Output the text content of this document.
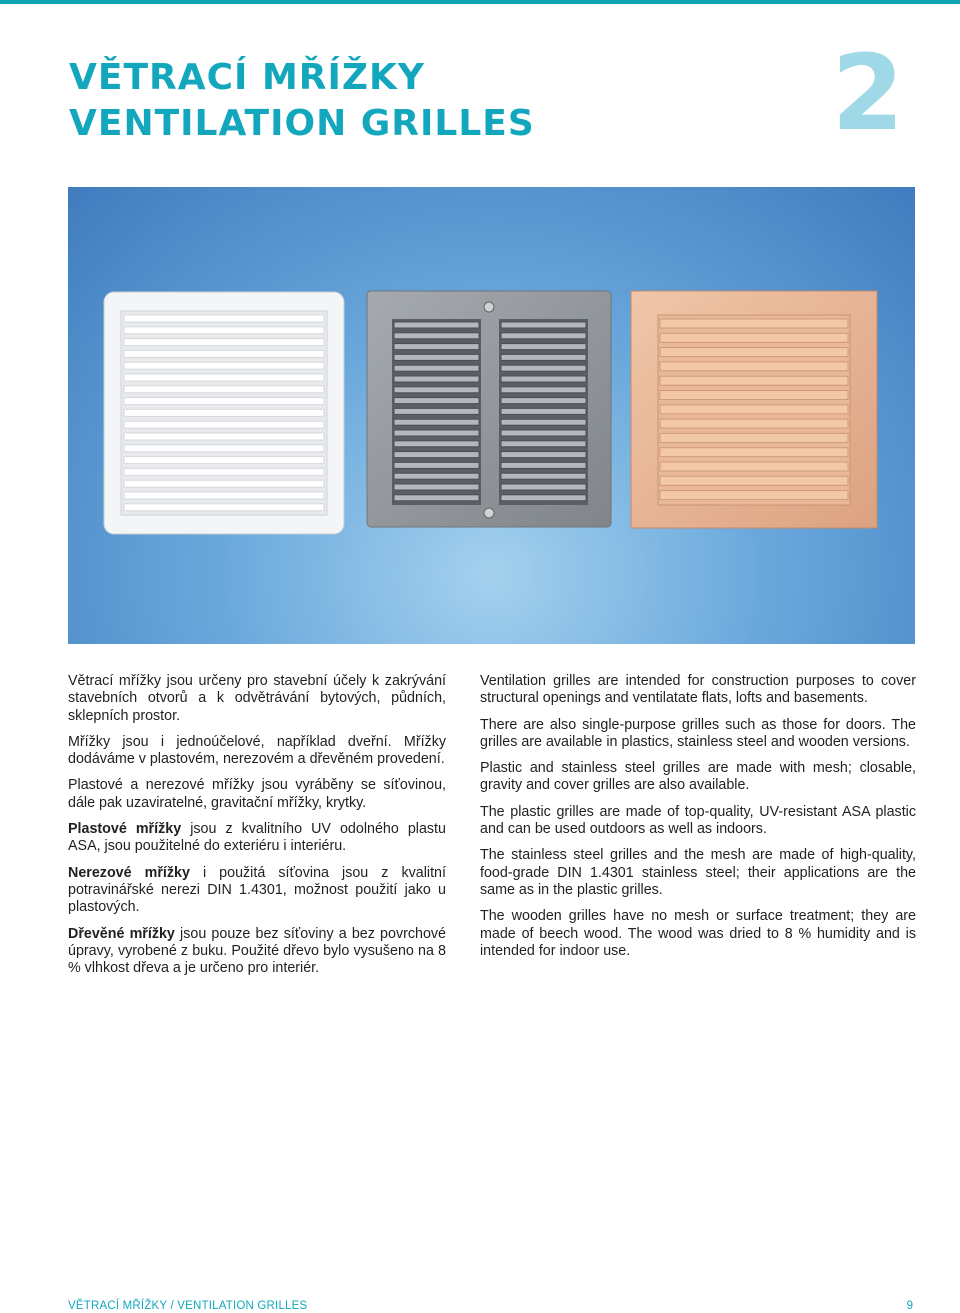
VĚTRACÍ MŘÍŽKY
VENTILATION GRILLES	2

Větrací mřížky jsou určeny pro stavební účely k zakrývání stavebních otvorů a k odvětrávání bytových, půdních, sklepních prostor.

Mřížky jsou i jednoúčelové, například dveřní. Mřížky dodáváme v plastovém, nerezovém a dřevěném provedení.

Plastové a nerezové mřížky jsou vyráběny se síťovinou, dále pak uzaviratelné, gravitační mřížky, krytky.

Plastové mřížky jsou z kvalitního UV odolného plastu ASA, jsou použitelné do exteriéru i interiéru.

Nerezové mřížky i použitá síťovina jsou z kvalitní potravinářské nerezi DIN 1.4301, možnost použití jako u plastových.

Dřevěné mřížky jsou pouze bez síťoviny a bez povrchové úpravy, vyrobené z buku. Použité dřevo bylo vysušeno na 8 % vlhkost dřeva a je určeno pro interiér.

Ventilation grilles are intended for construction purposes to cover structural openings and ventilatate flats, lofts and basements.

There are also single-purpose grilles such as those for doors. The grilles are available in plastics, stainless steel and wooden versions.

Plastic and stainless steel grilles are made with mesh; closable, gravity and cover grilles are also available.

The plastic grilles are made of top-quality, UV-resistant ASA plastic and can be used outdoors as well as indoors.

The stainless steel grilles and the mesh are made of high-quality, food-grade DIN 1.4301 stainless steel; their applications are the same as in the plastic grilles.

The wooden grilles have no mesh or surface treatment; they are made of beech wood. The wood was dried to 8 % humidity and is intended for indoor use.

VĚTRACÍ MŘÍŽKY / VENTILATION GRILLES	9
